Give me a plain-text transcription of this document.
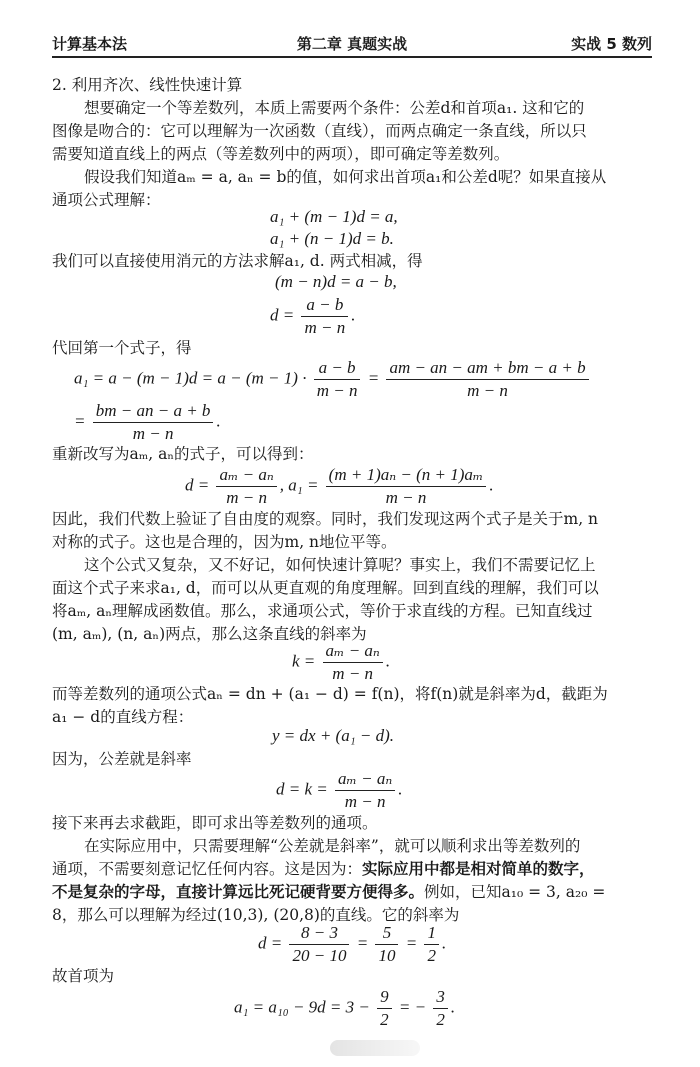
计算基本法	第二章 真题实战	实战 5 数列
2. 利用齐次、线性快速计算
想要确定一个等差数列，本质上需要两个条件：公差d和首项a₁. 这和它的
图像是吻合的：它可以理解为一次函数（直线），而两点确定一条直线，所以只
需要知道直线上的两点（等差数列中的两项），即可确定等差数列。
假设我们知道aₘ = a, aₙ = b的值，如何求出首项a₁和公差d呢？如果直接从
通项公式理解：
a₁ + (m − 1)d = a,
a₁ + (n − 1)d = b.
我们可以直接使用消元的方法求解a₁, d. 两式相减，得
(m − n)d = a − b,
$d = \frac{a - b}{m - n}$ .
代回第一个式子，得
$a_1 = a - (m - 1)d = a - (m - 1) \cdot \frac{a - b}{m - n} = \frac{am - an - am + bm - a + b}{m - n}$
= $\frac{bm - an - a + b}{m - n}$ .
重新改写为aₘ, aₙ的式子，可以得到：
$d = \frac{\text{aₘ − aₙ}}{m - n}$ , $a_1 = \frac{\text{(m + 1)aₙ − (n + 1)aₘ}}{m - n}$ .
因此，我们代数上验证了自由度的观察。同时，我们发现这两个式子是关于m, n
对称的式子。这也是合理的，因为m, n地位平等。
这个公式又复杂，又不好记，如何快速计算呢？事实上，我们不需要记忆上
面这个式子来求a₁, d，而可以从更直观的角度理解。回到直线的理解，我们可以
将aₘ, aₙ理解成函数值。那么，求通项公式，等价于求直线的方程。已知直线过
(m, aₘ), (n, aₙ)两点，那么这条直线的斜率为
$k = \frac{\text{aₘ − aₙ}}{m - n}$ .
而等差数列的通项公式aₙ = dn + (a₁ − d) = f(n)，将f(n)就是斜率为d，截距为
a₁ − d的直线方程：
y = dx + (a₁ − d).
因为，公差就是斜率
$d = k = \frac{\text{aₘ − aₙ}}{m - n}$ .
接下来再去求截距，即可求出等差数列的通项。
在实际应用中，只需要理解“公差就是斜率”，就可以顺利求出等差数列的
通项，不需要刻意记忆任何内容。这是因为：实际应用中都是相对简单的数字，
不是复杂的字母，直接计算远比死记硬背要方便得多。例如，已知a₁₀ = 3, a₂₀ =
8，那么可以理解为经过(10,3), (20,8)的直线。它的斜率为
$d = \frac{8 - 3}{20 - 10} = \frac{5}{10} = \frac{1}{2}$ .
故首项为
$a_1 = a_{10} - 9d = 3 - \frac{9}{2}$ = − $\frac{3}{2}$ .
